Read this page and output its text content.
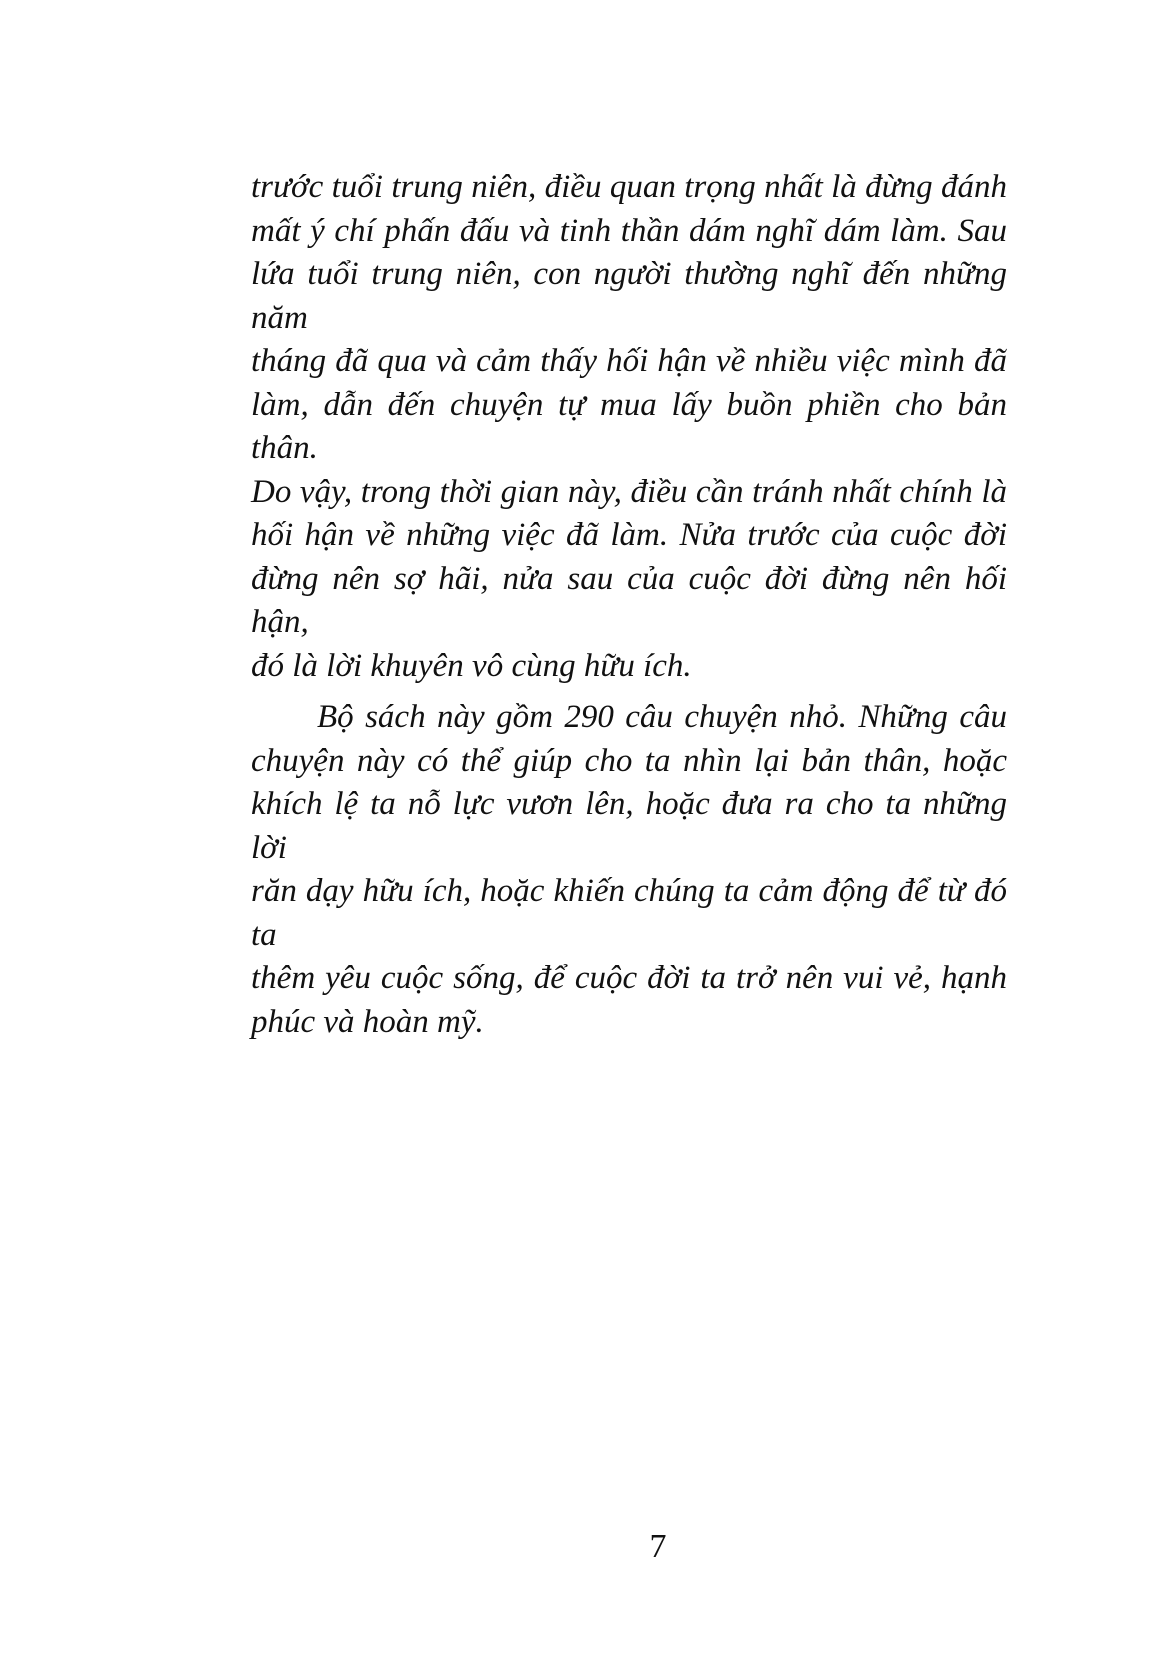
trước tuổi trung niên, điều quan trọng nhất là đừng đánh
mất ý chí phấn đấu và tinh thần dám nghĩ dám làm. Sau
lứa tuổi trung niên, con người thường nghĩ đến những năm
tháng đã qua và cảm thấy hối hận về nhiều việc mình đã
làm, dẫn đến chuyện tự mua lấy buồn phiền cho bản thân.
Do vậy, trong thời gian này, điều cần tránh nhất chính là
hối hận về những việc đã làm. Nửa trước của cuộc đời
đừng nên sợ hãi, nửa sau của cuộc đời đừng nên hối hận,
đó là lời khuyên vô cùng hữu ích.
Bộ sách này gồm 290 câu chuyện nhỏ. Những câu
chuyện này có thể giúp cho ta nhìn lại bản thân, hoặc
khích lệ ta nỗ lực vươn lên, hoặc đưa ra cho ta những lời
răn dạy hữu ích, hoặc khiến chúng ta cảm động để từ đó ta
thêm yêu cuộc sống, để cuộc đời ta trở nên vui vẻ, hạnh
phúc và hoàn mỹ.
7
